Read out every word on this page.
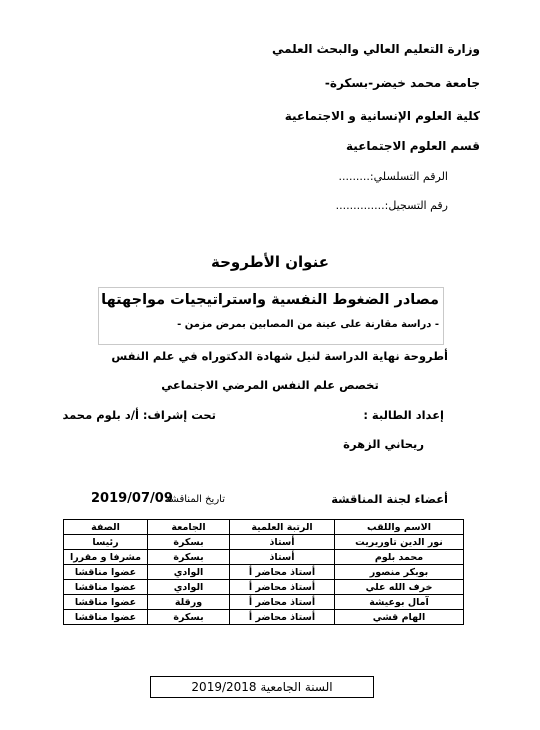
وزارة التعليم العالي والبحث العلمي
جامعة محمد خيضر-بسكرة-
كلية العلوم الإنسانية و الاجتماعية
قسم العلوم الاجتماعية
الرقم التسلسلي:.........
رقم التسجيل:..............
عنوان الأطروحة
مصادر الضغوط النفسية واستراتيجيات مواجهتها
- دراسة مقارنة على عينة من المصابين بمرض مزمن -
أطروحة نهاية الدراسة لنيل شهادة الدكتوراه في علم النفس
تخصص علم النفس المرضي الاجتماعي
إعداد الطالبة :
تحت إشراف: أ/د بلوم محمد
ريحاني الزهرة
أعضاء لجنة المناقشة
تاريخ المناقشة
2019/07/09
الاسم واللقب	الرتبة العلمية	الجامعة	الصفة
نور الدين تاوريريت	أستاذ	بسكرة	رئيسا
محمد بلوم	أستاذ	بسكرة	مشرفا و مقررا
بوبكر منصور	أستاذ محاضر أ	الوادي	عضوا مناقشا
خرف الله علي	أستاذ محاضر أ	الوادي	عضوا مناقشا
آمال بوعيشة	أستاذ محاضر أ	ورقلة	عضوا مناقشا
الهام قشي	أستاذ محاضر أ	بسكرة	عضوا مناقشا
السنة الجامعية 2019/2018
